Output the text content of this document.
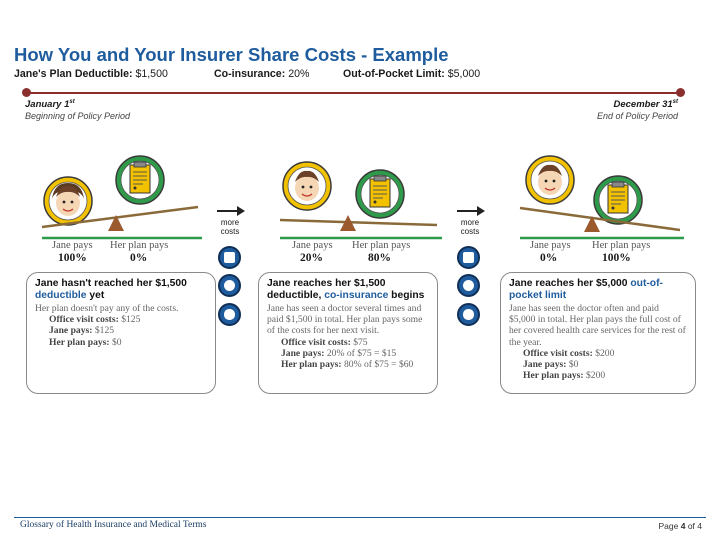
How You and Your Insurer Share Costs - Example
Jane's Plan Deductible: $1,500	Co-insurance: 20%	Out-of-Pocket Limit: $5,000
January 1st
Beginning of Policy Period
December 31st
End of Policy Period
Jane pays
100%
Her plan pays
0%
Jane pays
20%
Her plan pays
80%
Jane pays
0%
Her plan pays
100%
more
costs
more
costs
Jane hasn't reached her $1,500 deductible yet
Her plan doesn't pay any of the costs.
Office visit costs: $125
Jane pays: $125
Her plan pays: $0
Jane reaches her $1,500 deductible, co-insurance begins
Jane has seen a doctor several times and paid $1,500 in total. Her plan pays some of the costs for her next visit.
Office visit costs: $75
Jane pays: 20% of $75 = $15
Her plan pays: 80% of $75 = $60
Jane reaches her $5,000 out-of-pocket limit
Jane has seen the doctor often and paid $5,000 in total. Her plan pays the full cost of her covered health care services for the rest of the year.
Office visit costs: $200
Jane pays: $0
Her plan pays: $200
Glossary of Health Insurance and Medical Terms	Page 4 of 4
